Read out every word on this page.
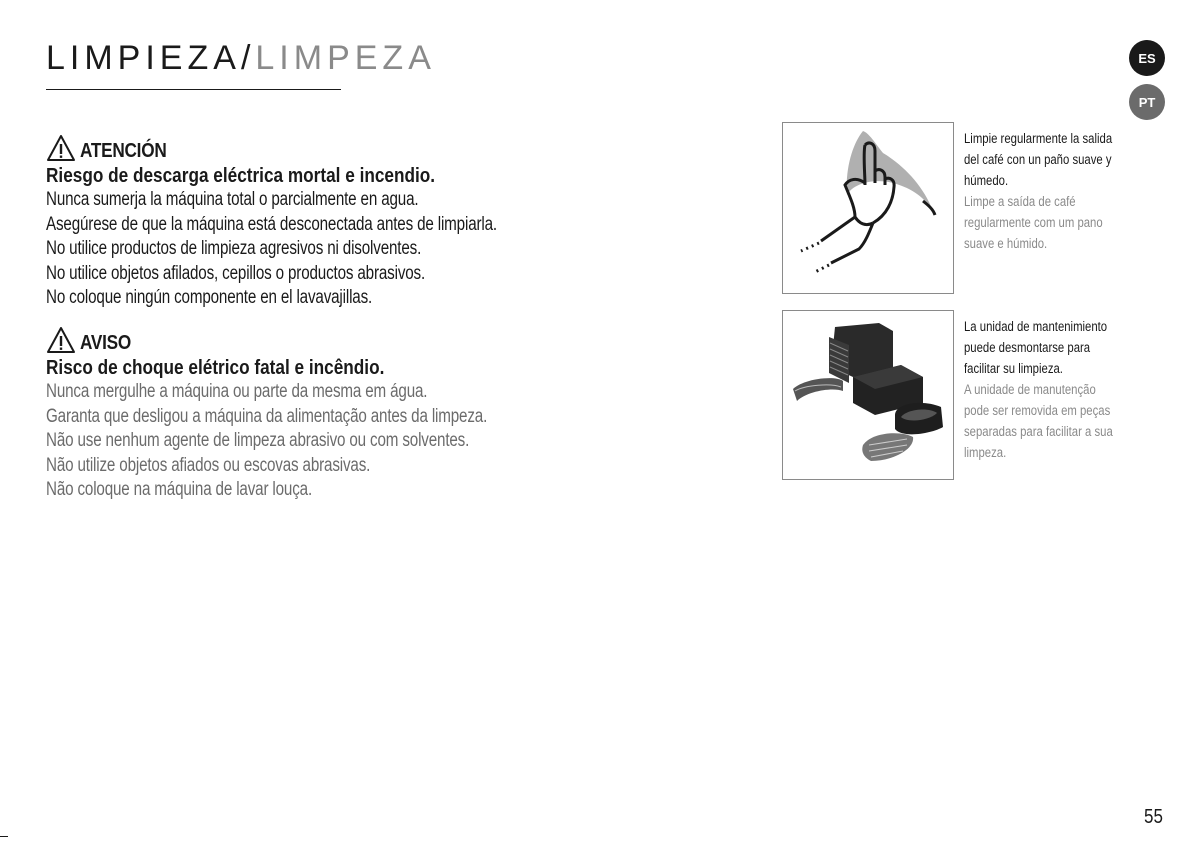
LIMPIEZA/LIMPEZA	ES
PT
ATENCIÓN
Riesgo de descarga eléctrica mortal e incendio.
Nunca sumerja la máquina total o parcialmente en agua.
Asegúrese de que la máquina está desconectada antes de limpiarla.
No utilice productos de limpieza agresivos ni disolventes.
No utilice objetos afilados, cepillos o productos abrasivos.
No coloque ningún componente en el lavavajillas.
AVISO
Risco de choque elétrico fatal e incêndio.
Nunca mergulhe a máquina ou parte da mesma em água.
Garanta que desligou a máquina da alimentação antes da limpeza.
Não use nenhum agente de limpeza abrasivo ou com solventes.
Não utilize objetos afiados ou escovas abrasivas.
Não coloque na máquina de lavar louça.
Limpie regularmente la salida
del café con un paño suave y
húmedo.
Limpe a saída de café
regularmente com um pano
suave e húmido.
La unidad de mantenimiento
puede desmontarse para
facilitar su limpieza.
A unidade de manutenção
pode ser removida em peças
separadas para facilitar a sua
limpeza.
55
